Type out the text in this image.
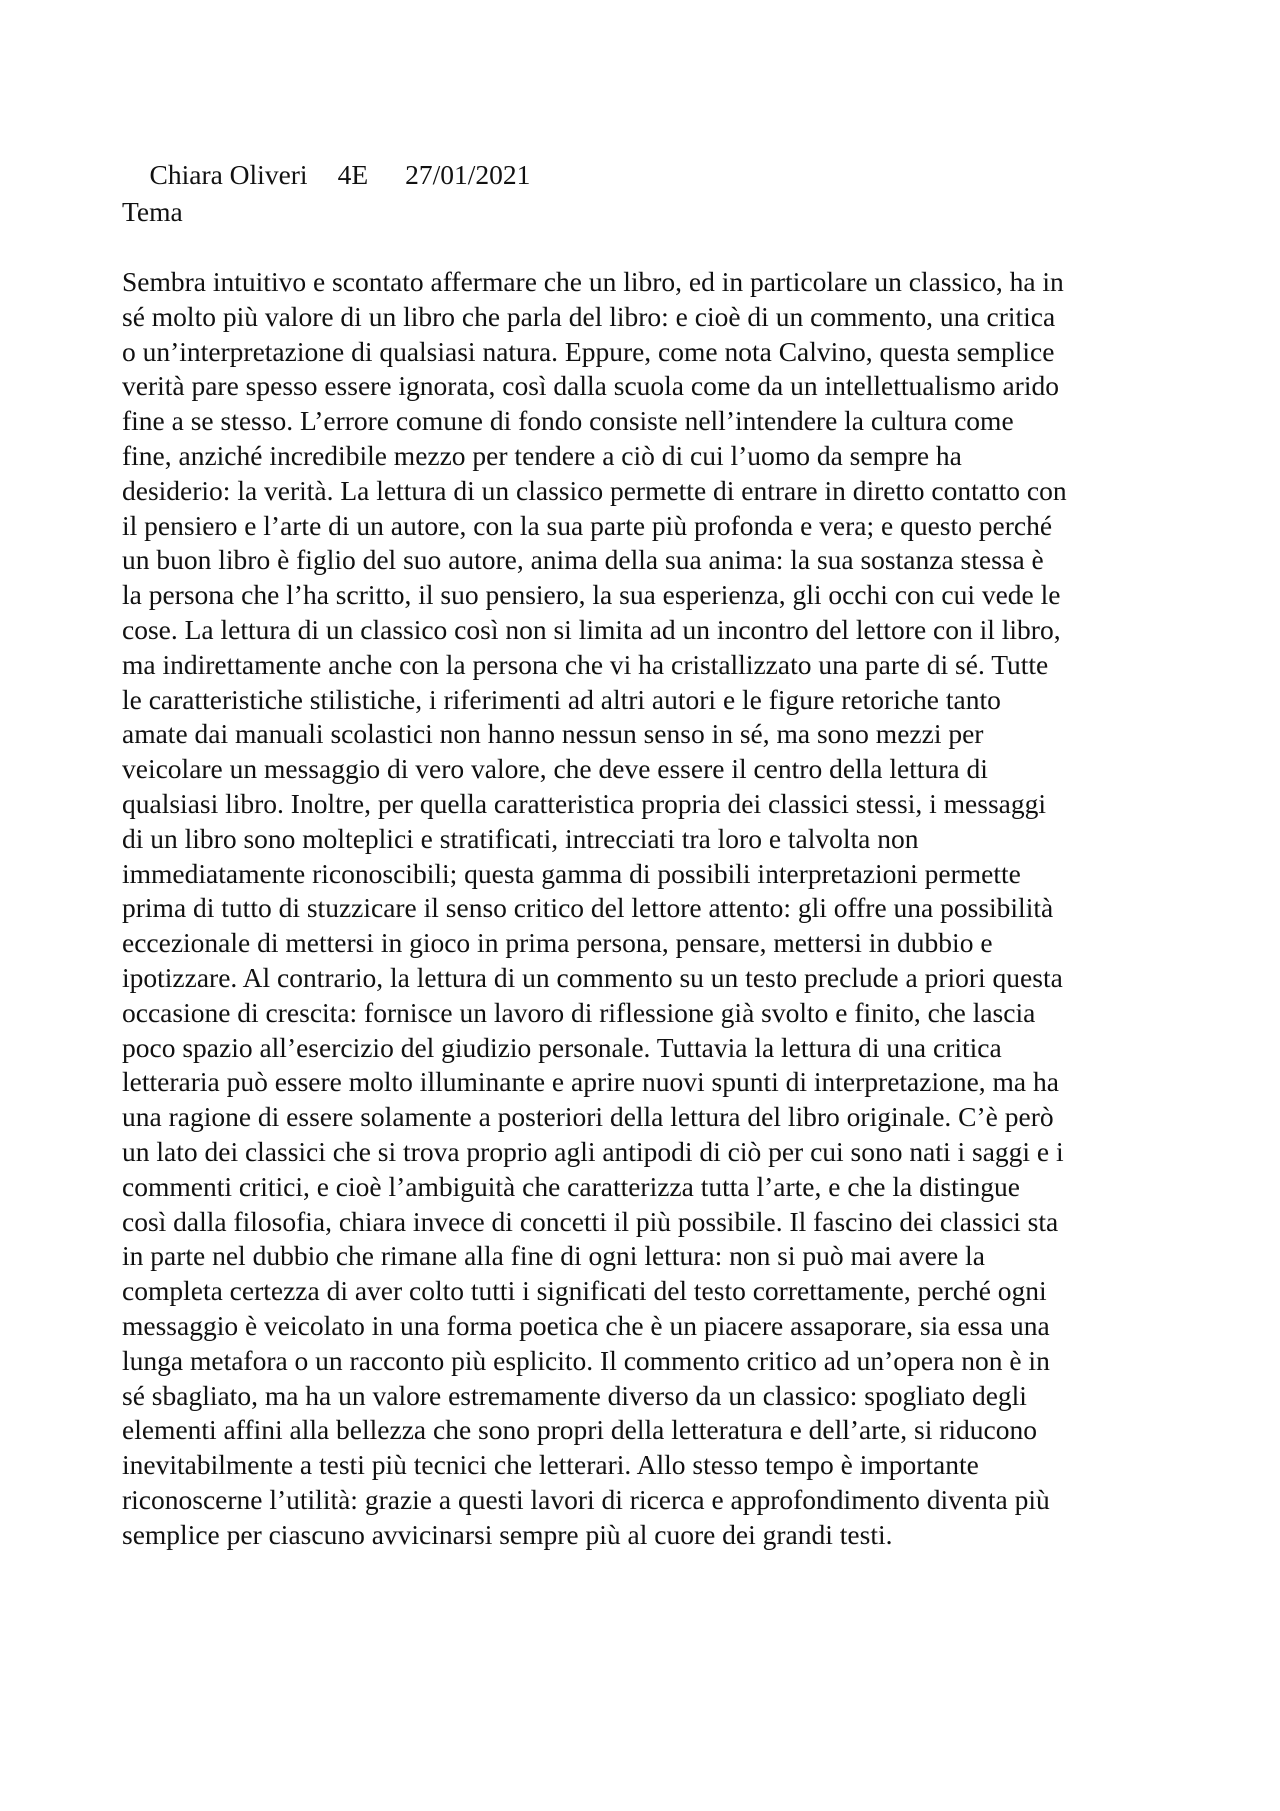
Chiara Oliveri 4E 27/01/2021

Tema
Sembra intuitivo e scontato affermare che un libro, ed in particolare un classico, ha in
sé molto più valore di un libro che parla del libro: e cioè di un commento, una critica
o un’interpretazione di qualsiasi natura. Eppure, come nota Calvino, questa semplice
verità pare spesso essere ignorata, così dalla scuola come da un intellettualismo arido
fine a se stesso. L’errore comune di fondo consiste nell’intendere la cultura come
fine, anziché incredibile mezzo per tendere a ciò di cui l’uomo da sempre ha
desiderio: la verità. La lettura di un classico permette di entrare in diretto contatto con
il pensiero e l’arte di un autore, con la sua parte più profonda e vera; e questo perché
un buon libro è figlio del suo autore, anima della sua anima: la sua sostanza stessa è
la persona che l’ha scritto, il suo pensiero, la sua esperienza, gli occhi con cui vede le
cose. La lettura di un classico così non si limita ad un incontro del lettore con il libro,
ma indirettamente anche con la persona che vi ha cristallizzato una parte di sé. Tutte
le caratteristiche stilistiche, i riferimenti ad altri autori e le figure retoriche tanto
amate dai manuali scolastici non hanno nessun senso in sé, ma sono mezzi per
veicolare un messaggio di vero valore, che deve essere il centro della lettura di
qualsiasi libro. Inoltre, per quella caratteristica propria dei classici stessi, i messaggi
di un libro sono molteplici e stratificati, intrecciati tra loro e talvolta non
immediatamente riconoscibili; questa gamma di possibili interpretazioni permette
prima di tutto di stuzzicare il senso critico del lettore attento: gli offre una possibilità
eccezionale di mettersi in gioco in prima persona, pensare, mettersi in dubbio e
ipotizzare. Al contrario, la lettura di un commento su un testo preclude a priori questa
occasione di crescita: fornisce un lavoro di riflessione già svolto e finito, che lascia
poco spazio all’esercizio del giudizio personale. Tuttavia la lettura di una critica
letteraria può essere molto illuminante e aprire nuovi spunti di interpretazione, ma ha
una ragione di essere solamente a posteriori della lettura del libro originale. C’è però
un lato dei classici che si trova proprio agli antipodi di ciò per cui sono nati i saggi e i
commenti critici, e cioè l’ambiguità che caratterizza tutta l’arte, e che la distingue
così dalla filosofia, chiara invece di concetti il più possibile. Il fascino dei classici sta
in parte nel dubbio che rimane alla fine di ogni lettura: non si può mai avere la
completa certezza di aver colto tutti i significati del testo correttamente, perché ogni
messaggio è veicolato in una forma poetica che è un piacere assaporare, sia essa una
lunga metafora o un racconto più esplicito. Il commento critico ad un’opera non è in
sé sbagliato, ma ha un valore estremamente diverso da un classico: spogliato degli
elementi affini alla bellezza che sono propri della letteratura e dell’arte, si riducono
inevitabilmente a testi più tecnici che letterari. Allo stesso tempo è importante
riconoscerne l’utilità: grazie a questi lavori di ricerca e approfondimento diventa più
semplice per ciascuno avvicinarsi sempre più al cuore dei grandi testi.
